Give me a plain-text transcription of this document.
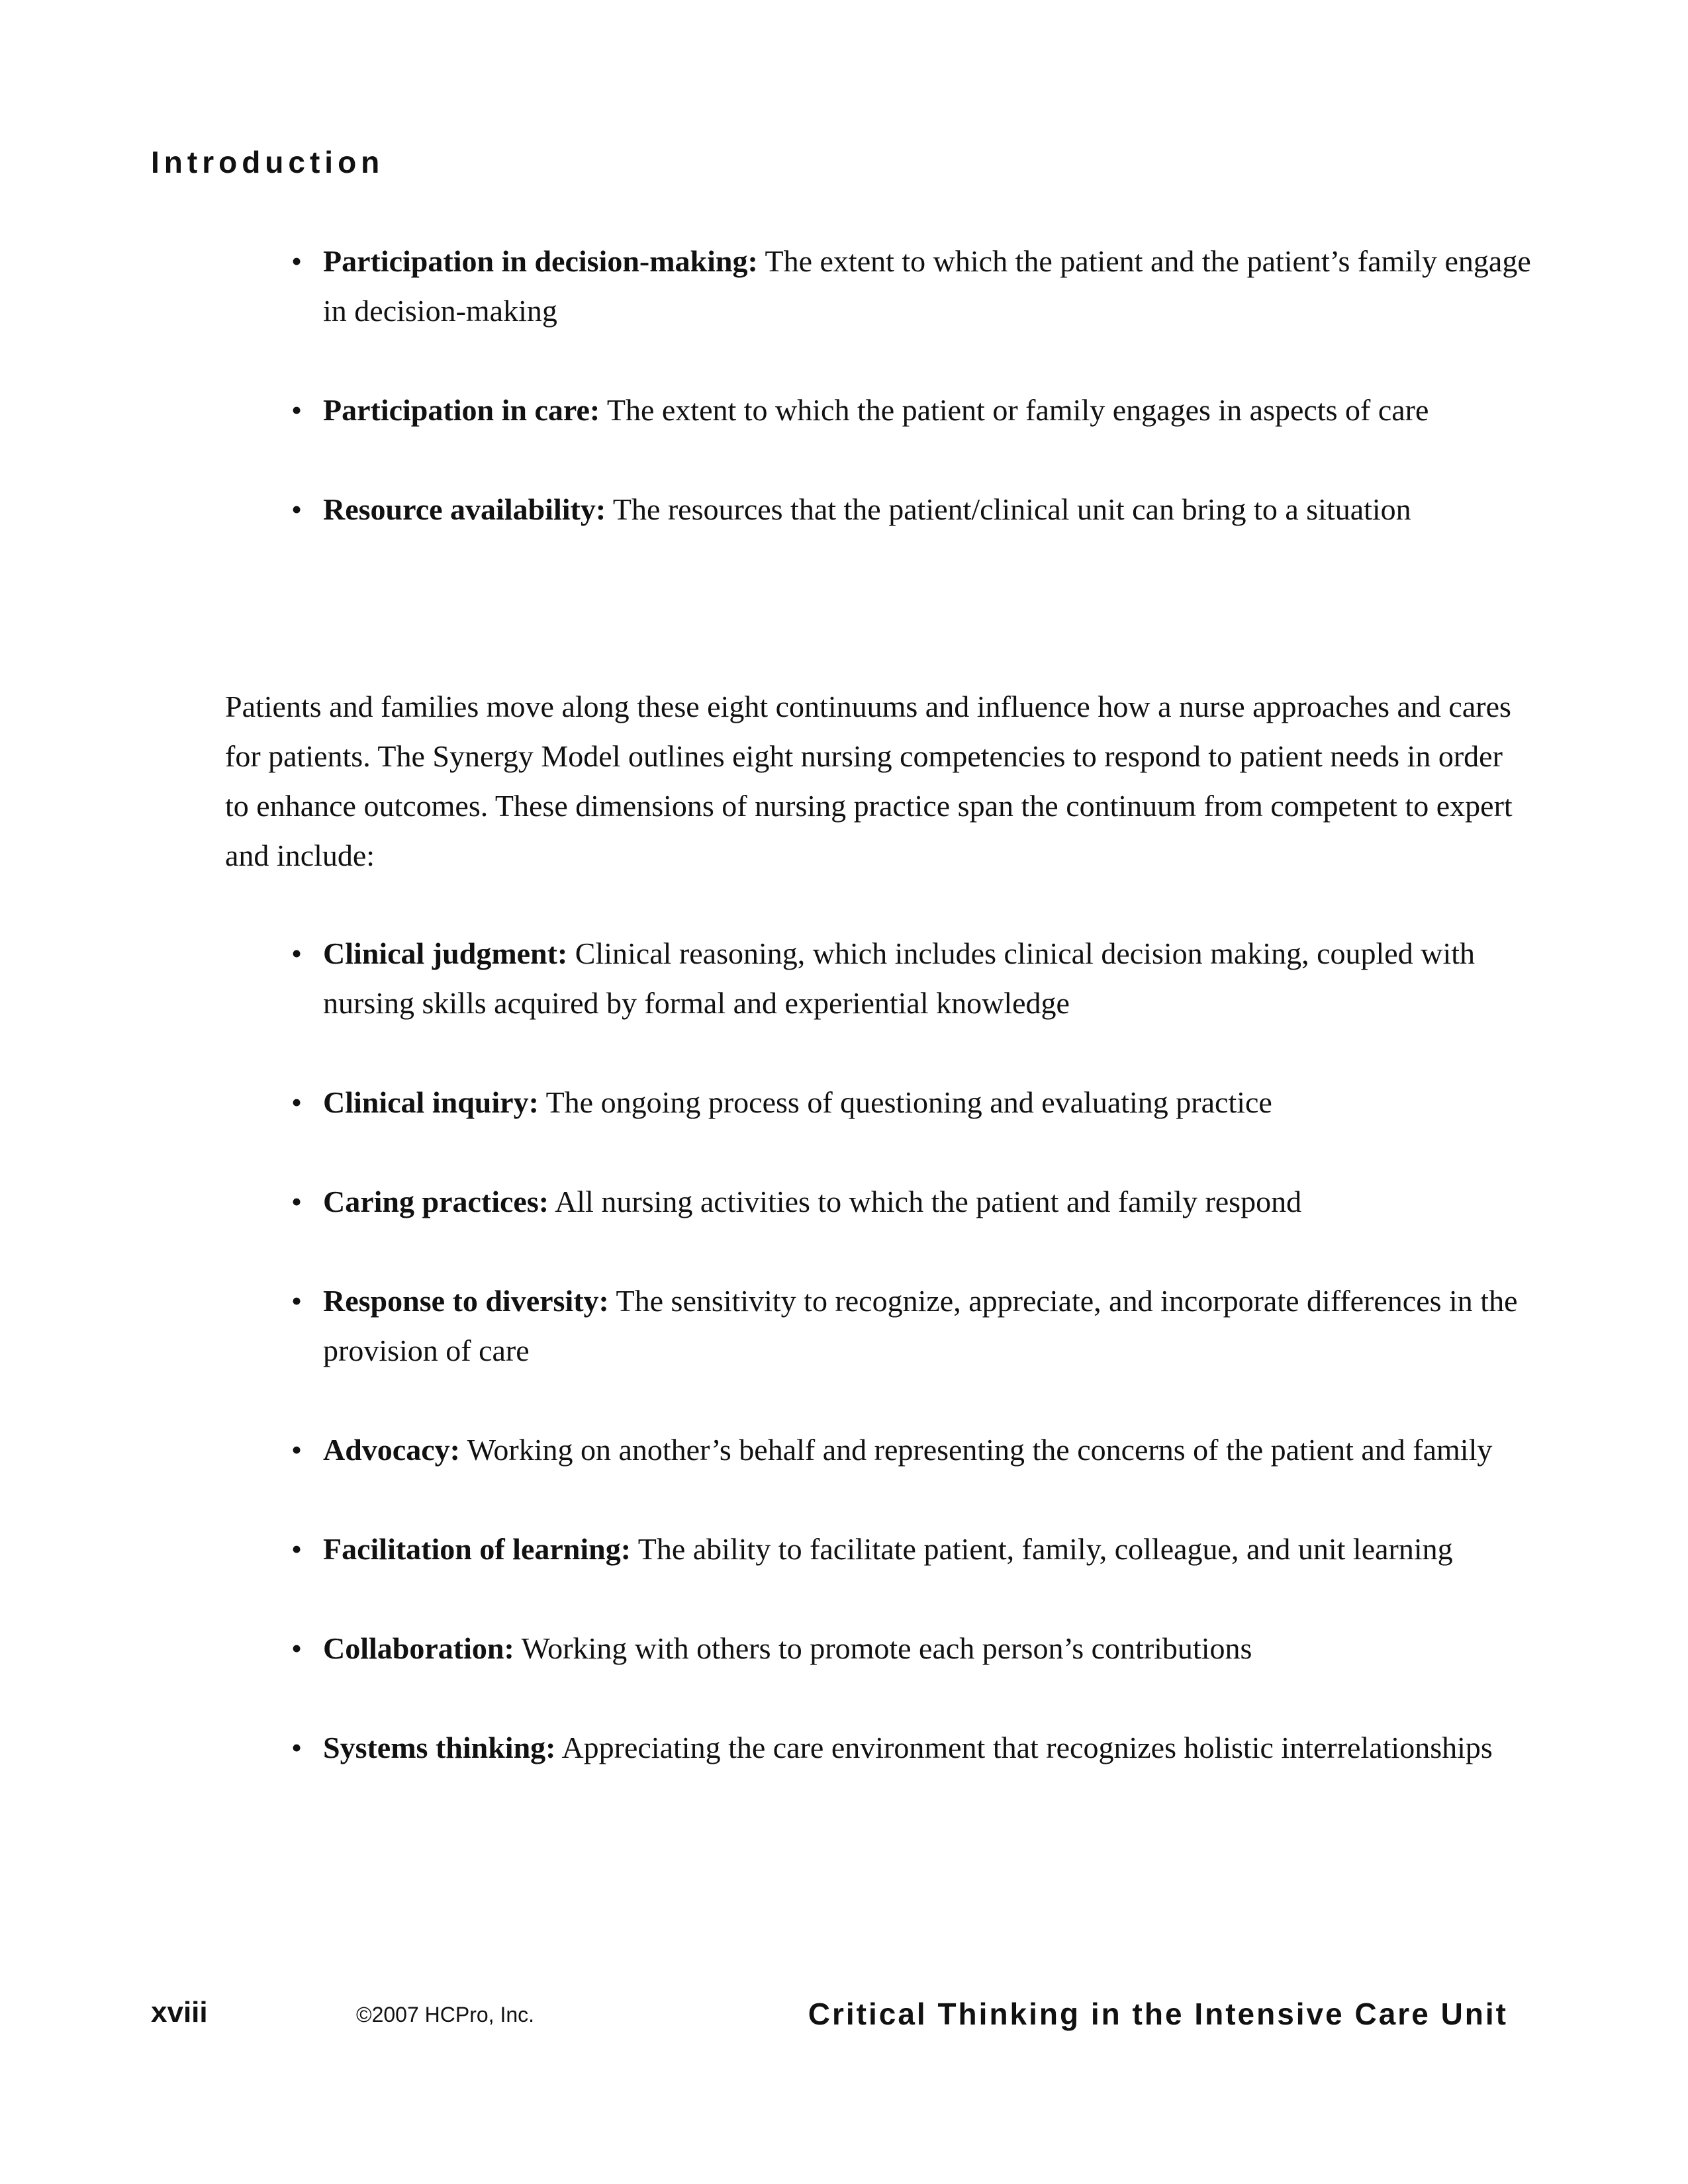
Introduction
• Participation in decision-making: The extent to which the patient and the patient’s family engage in decision-making
• Participation in care: The extent to which the patient or family engages in aspects of care
• Resource availability: The resources that the patient/clinical unit can bring to a situation

Patients and families move along these eight continuums and influence how a nurse approaches and cares for patients. The Synergy Model outlines eight nursing competencies to respond to patient needs in order to enhance outcomes. These dimensions of nursing practice span the continuum from competent to expert and include:

• Clinical judgment: Clinical reasoning, which includes clinical decision making, coupled with nursing skills acquired by formal and experiential knowledge
• Clinical inquiry: The ongoing process of questioning and evaluating practice
• Caring practices: All nursing activities to which the patient and family respond
• Response to diversity: The sensitivity to recognize, appreciate, and incorporate differences in the provision of care
• Advocacy: Working on another’s behalf and representing the concerns of the patient and family
• Facilitation of learning: The ability to facilitate patient, family, colleague, and unit learning
• Collaboration: Working with others to promote each person’s contributions
• Systems thinking: Appreciating the care environment that recognizes holistic interrelationships
xviii	©2007 HCPro, Inc.	Critical Thinking in the Intensive Care Unit
